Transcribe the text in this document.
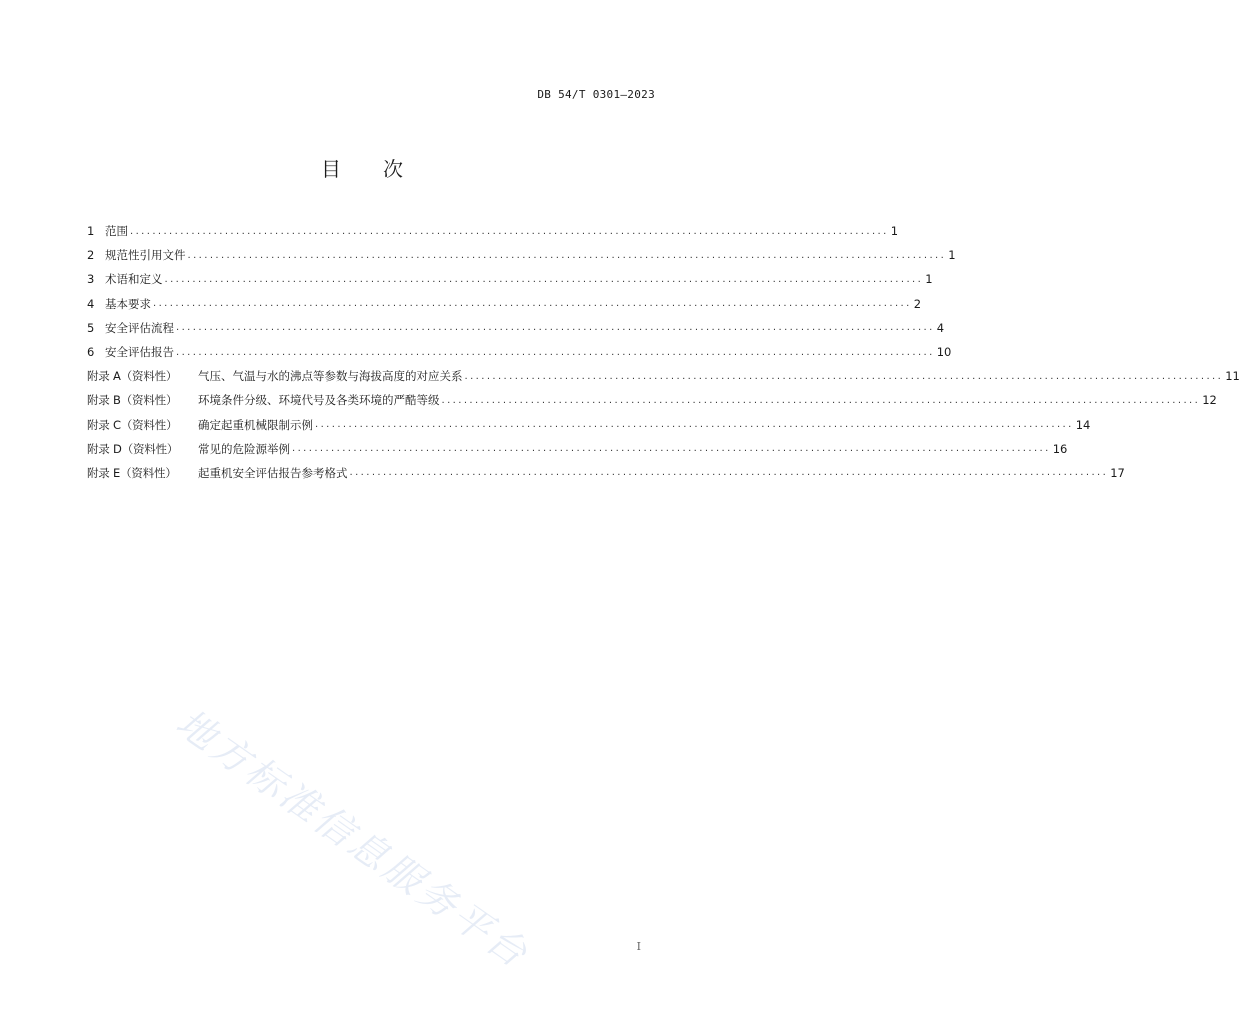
DB 54/T 0301—2023
目 次
1 范围 ........................................................................................................................................ 1
2 规范性引用文件 ........................................................................................................................................ 1
3 术语和定义 ........................................................................................................................................ 1
4 基本要求 ........................................................................................................................................ 2
5 安全评估流程 ........................................................................................................................................ 4
6 安全评估报告 ........................................................................................................................................ 10
附录 A（资料性）	气压、气温与水的沸点等参数与海拔高度的对应关系 ........................................................................................................................................ 11
附录 B（资料性）	环境条件分级、环境代号及各类环境的严酷等级 ........................................................................................................................................ 12
附录 C（资料性）	确定起重机械限制示例 ........................................................................................................................................ 14
附录 D（资料性）	常见的危险源举例 ........................................................................................................................................ 16
附录 E（资料性）	起重机安全评估报告参考格式 ........................................................................................................................................ 17
地方标准信息服务平台	I
